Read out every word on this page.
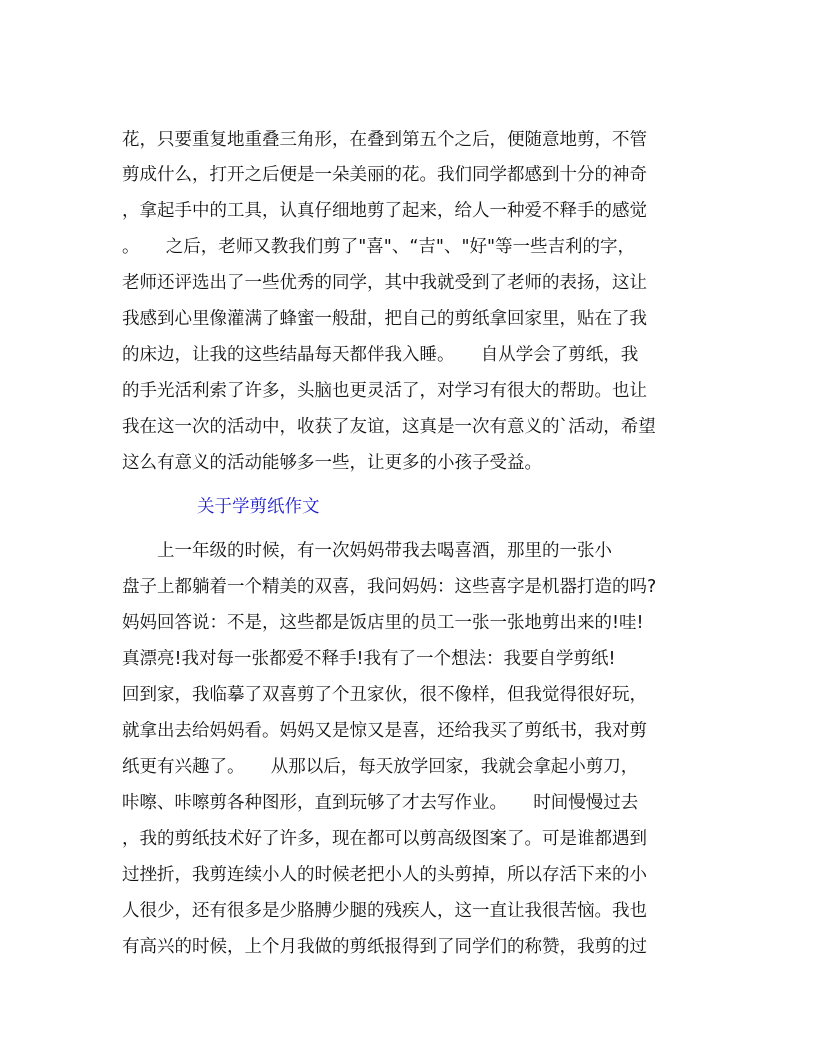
花，只要重复地重叠三角形，在叠到第五个之后，便随意地剪，不管
剪成什么，打开之后便是一朵美丽的花。我们同学都感到十分的神奇
，拿起手中的工具，认真仔细地剪了起来，给人一种爱不释手的感觉
。　　之后，老师又教我们剪了"喜"、“吉"、"好"等一些吉利的字，
老师还评选出了一些优秀的同学，其中我就受到了老师的表扬，这让
我感到心里像灌满了蜂蜜一般甜，把自己的剪纸拿回家里，贴在了我
的床边，让我的这些结晶每天都伴我入睡。　　自从学会了剪纸，我
的手光活利索了许多，头脑也更灵活了，对学习有很大的帮助。也让
我在这一次的活动中，收获了友谊，这真是一次有意义的`活动，希望
这么有意义的活动能够多一些，让更多的小孩子受益。
关于学剪纸作文
　　上一年级的时候，有一次妈妈带我去喝喜酒，那里的一张小
盘子上都躺着一个精美的双喜，我问妈妈：这些喜字是机器打造的吗?
妈妈回答说：不是，这些都是饭店里的员工一张一张地剪出来的!哇!
真漂亮!我对每一张都爱不释手!我有了一个想法：我要自学剪纸!
回到家，我临摹了双喜剪了个丑家伙，很不像样，但我觉得很好玩，
就拿出去给妈妈看。妈妈又是惊又是喜，还给我买了剪纸书，我对剪
纸更有兴趣了。　　从那以后，每天放学回家，我就会拿起小剪刀，
咔嚓、咔嚓剪各种图形，直到玩够了才去写作业。　　时间慢慢过去
，我的剪纸技术好了许多，现在都可以剪高级图案了。可是谁都遇到
过挫折，我剪连续小人的时候老把小人的头剪掉，所以存活下来的小
人很少，还有很多是少胳膊少腿的残疾人，这一直让我很苦恼。我也
有高兴的时候，上个月我做的剪纸报得到了同学们的称赞，我剪的过
